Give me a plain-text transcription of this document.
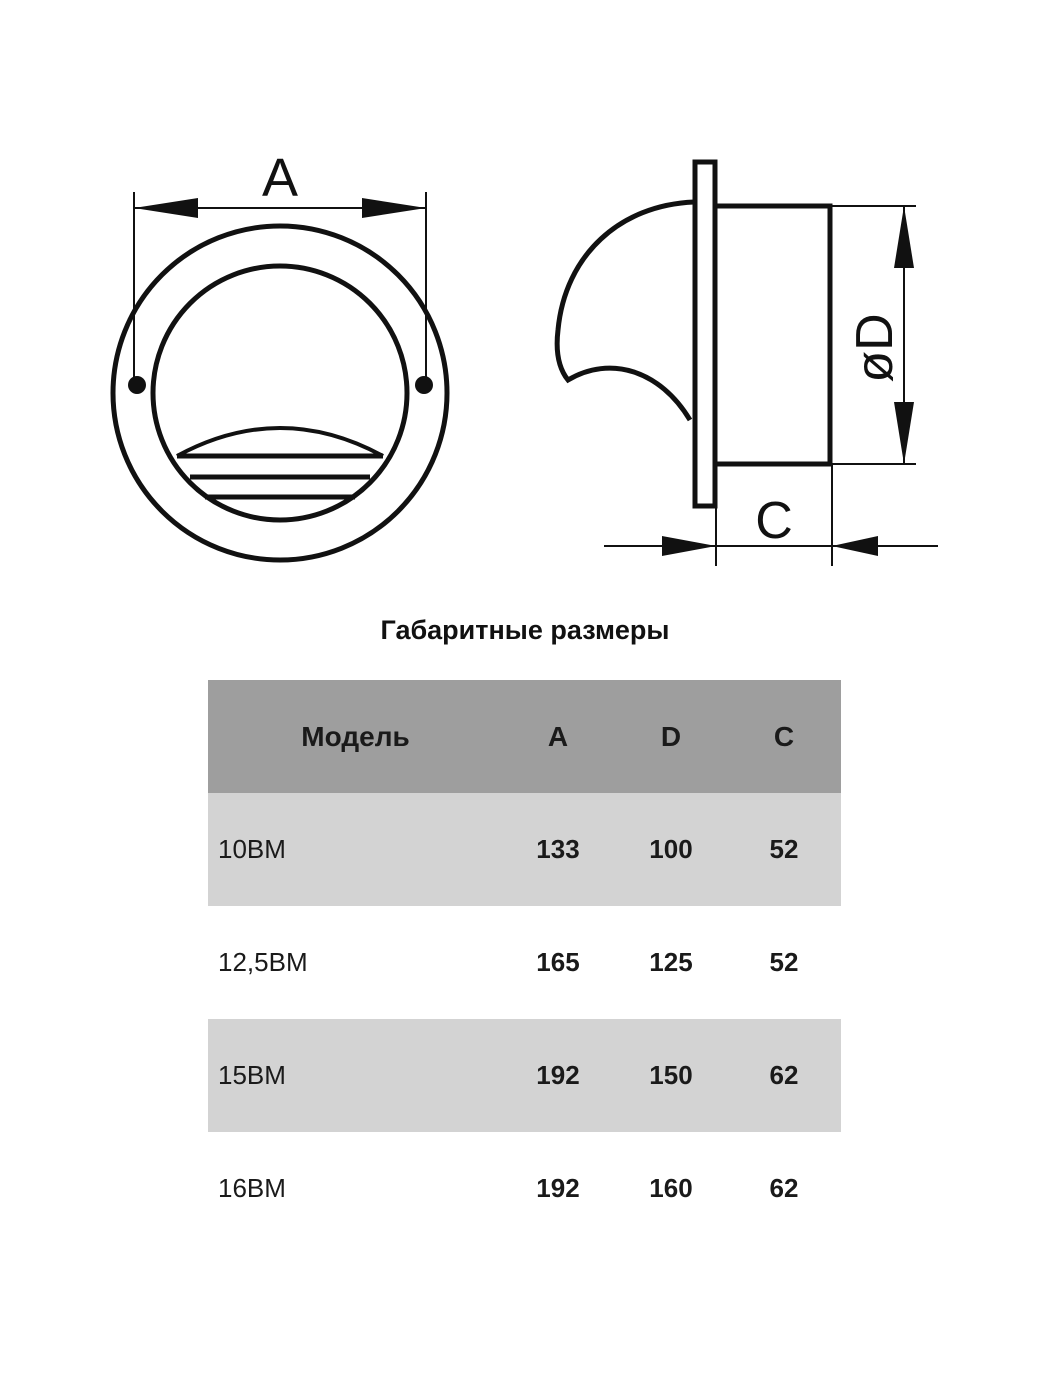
A
C
øD
Габаритные размеры
Модель	A	D	C
10ВМ	133	100	52
12,5ВМ	165	125	52
15ВМ	192	150	62
16ВМ	192	160	62
